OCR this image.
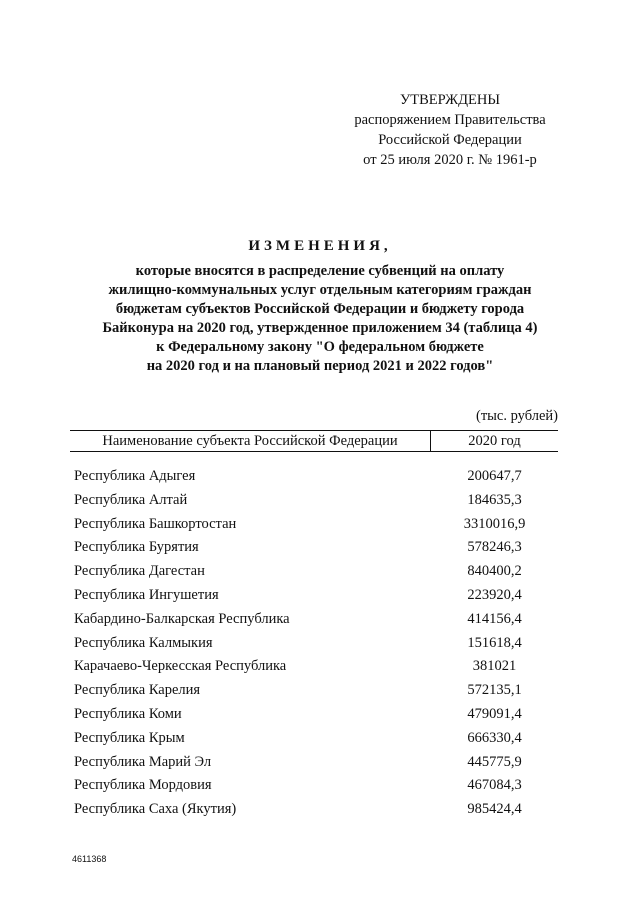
УТВЕРЖДЕНЫ
распоряжением Правительства
Российской Федерации
от 25 июля 2020 г. № 1961-р
ИЗМЕНЕНИЯ,
которые вносятся в распределение субвенций на оплату
жилищно-коммунальных услуг отдельным категориям граждан
бюджетам субъектов Российской Федерации и бюджету города
Байконура на 2020 год, утвержденное приложением 34 (таблица 4)
к Федеральному закону "О федеральном бюджете
на 2020 год и на плановый период 2021 и 2022 годов"
(тыс. рублей)
Наименование субъекта Российской Федерации	2020 год
Республика Адыгея	200647,7
Республика Алтай	184635,3
Республика Башкортостан	3310016,9
Республика Бурятия	578246,3
Республика Дагестан	840400,2
Республика Ингушетия	223920,4
Кабардино-Балкарская Республика	414156,4
Республика Калмыкия	151618,4
Карачаево-Черкесская Республика	381021
Республика Карелия	572135,1
Республика Коми	479091,4
Республика Крым	666330,4
Республика Марий Эл	445775,9
Республика Мордовия	467084,3
Республика Саха (Якутия)	985424,4
4611368
